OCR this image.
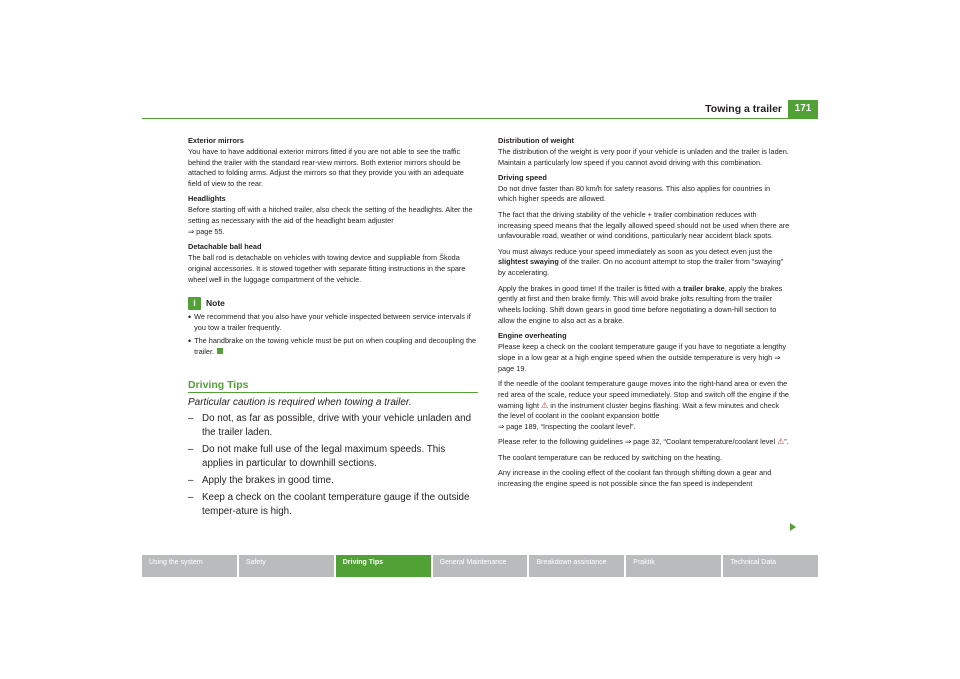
Towing a trailer	171
Exterior mirrors

You have to have additional exterior mirrors fitted if you are not able to see the traffic behind the trailer with the standard rear-view mirrors. Both exterior mirrors should be attached to folding arms. Adjust the mirrors so that they provide you with an adequate field of view to the rear.

Headlights

Before starting off with a hitched trailer, also check the setting of the headlights. Alter the setting as necessary with the aid of the headlight beam adjuster
⇒ page 55.

Detachable ball head

The ball rod is detachable on vehicles with towing device and suppliable from Škoda original accessories. It is stowed together with separate fitting instructions in the spare wheel well in the luggage compartment of the vehicle.

i	Note
• We recommend that you also have your vehicle inspected between service intervals if you tow a trailer frequently.
• The handbrake on the towing vehicle must be put on when coupling and decoupling the trailer.
Driving Tips
Particular caution is required when towing a trailer.
– Do not, as far as possible, drive with your vehicle unladen and the trailer laden.
– Do not make full use of the legal maximum speeds. This applies in particular to downhill sections.
– Apply the brakes in good time.
– Keep a check on the coolant temperature gauge if the outside temper-ature is high.
Distribution of weight

The distribution of the weight is very poor if your vehicle is unladen and the trailer is laden. Maintain a particularly low speed if you cannot avoid driving with this combination.

Driving speed

Do not drive faster than 80 km/h for safety reasons. This also applies for countries in which higher speeds are allowed.

The fact that the driving stability of the vehicle + trailer combination reduces with increasing speed means that the legally allowed speed should not be used when there are unfavourable road, weather or wind conditions, particularly near accident black spots.

You must always reduce your speed immediately as soon as you detect even just the slightest swaying of the trailer. On no account attempt to stop the trailer from “swaying” by accelerating.

Apply the brakes in good time! If the trailer is fitted with a trailer brake, apply the brakes gently at first and then brake firmly. This will avoid brake jolts resulting from the trailer wheels locking. Shift down gears in good time before negotiating a down-hill section to allow the engine to also act as a brake.

Engine overheating

Please keep a check on the coolant temperature gauge if you have to negotiate a lengthy slope in a low gear at a high engine speed when the outside temperature is very high ⇒ page 19.

If the needle of the coolant temperature gauge moves into the right-hand area or even the red area of the scale, reduce your speed immediately. Stop and switch off the engine if the warning light ⚠ in the instrument cluster begins flashing. Wait a few minutes and check the level of coolant in the coolant expansion bottle
⇒ page 189, “Inspecting the coolant level”.

Please refer to the following guidelines ⇒ page 32, “Coolant temperature/coolant level ⚠”.

The coolant temperature can be reduced by switching on the heating.

Any increase in the cooling effect of the coolant fan through shifting down a gear and increasing the engine speed is not possible since the fan speed is independent

Using the system	Safety	Driving Tips	General Maintenance	Breakdown assistance	Praktik	Technical Data
